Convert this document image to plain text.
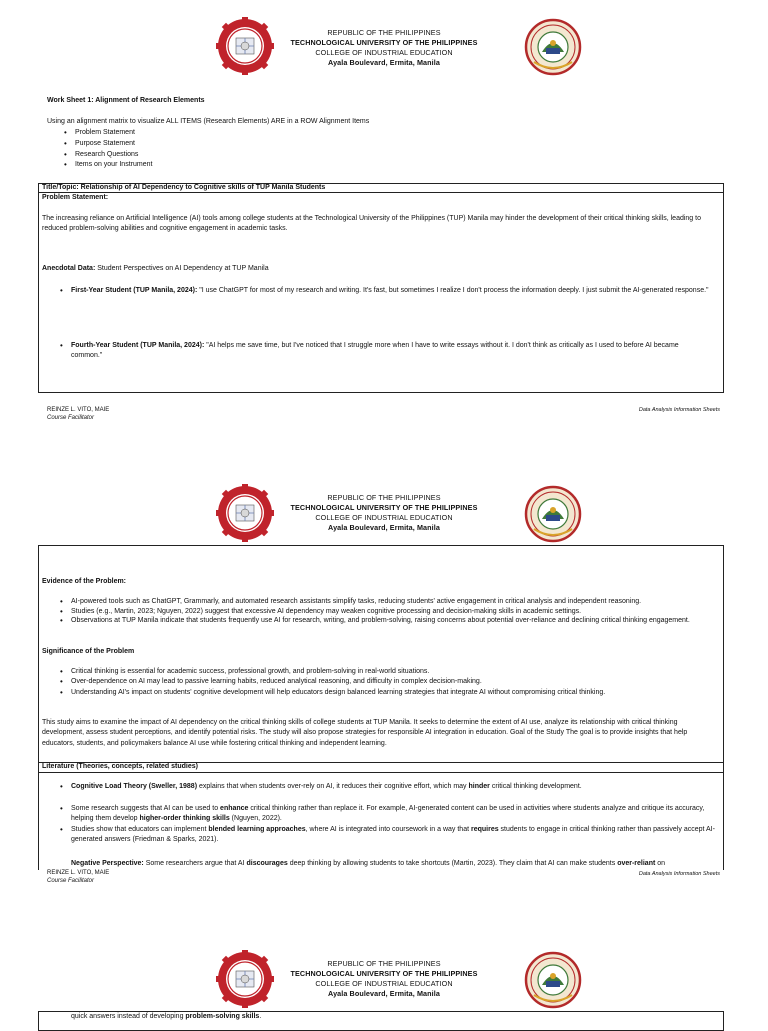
REPUBLIC OF THE PHILIPPINES
TECHNOLOGICAL UNIVERSITY OF THE PHILIPPINES
COLLEGE OF INDUSTRIAL EDUCATION
Ayala Boulevard, Ermita, Manila
Work Sheet 1: Alignment of Research Elements
Using an alignment matrix to visualize ALL ITEMS (Research Elements) ARE in a ROW Alignment Items
• Problem Statement
• Purpose Statement
• Research Questions
• Items on your Instrument
Title/Topic: Relationship of AI Dependency to Cognitive skills of TUP Manila Students
Problem Statement:
The increasing reliance on Artificial Intelligence (AI) tools among college students at the Technological University of the Philippines (TUP) Manila may hinder the development of their critical thinking skills, leading to reduced problem-solving abilities and cognitive engagement in academic tasks.
Anecdotal Data: Student Perspectives on AI Dependency at TUP Manila
• First-Year Student (TUP Manila, 2024): "I use ChatGPT for most of my research and writing. It's fast, but sometimes I realize I don't process the information deeply. I just submit the AI-generated response."
• Fourth-Year Student (TUP Manila, 2024): "AI helps me save time, but I've noticed that I struggle more when I have to write essays without it. I don't think as critically as I used to before AI became common."
REINZE L. VITO, MAIE
Course Facilitator
Data Analysis Information Sheets
REPUBLIC OF THE PHILIPPINES
TECHNOLOGICAL UNIVERSITY OF THE PHILIPPINES
COLLEGE OF INDUSTRIAL EDUCATION
Ayala Boulevard, Ermita, Manila
Evidence of the Problem:
• AI-powered tools such as ChatGPT, Grammarly, and automated research assistants simplify tasks, reducing students' active engagement in critical analysis and independent reasoning.
• Studies (e.g., Martin, 2023; Nguyen, 2022) suggest that excessive AI dependency may weaken cognitive processing and decision-making skills in academic settings.
• Observations at TUP Manila indicate that students frequently use AI for research, writing, and problem-solving, raising concerns about potential over-reliance and declining critical thinking engagement.
Significance of the Problem
• Critical thinking is essential for academic success, professional growth, and problem-solving in real-world situations.
• Over-dependence on AI may lead to passive learning habits, reduced analytical reasoning, and difficulty in complex decision-making.
• Understanding AI's impact on students' cognitive development will help educators design balanced learning strategies that integrate AI without compromising critical thinking.
This study aims to examine the impact of AI dependency on the critical thinking skills of college students at TUP Manila. It seeks to determine the extent of AI use, analyze its relationship with critical thinking development, assess student perceptions, and identify potential risks. The study will also propose strategies for responsible AI integration in education. Goal of the Study The goal is to provide insights that help educators, students, and policymakers balance AI use while fostering critical thinking and independent learning.
Literature (Theories, concepts, related studies)
• Cognitive Load Theory (Sweller, 1988) explains that when students over-rely on AI, it reduces their cognitive effort, which may hinder critical thinking development.
• Some research suggests that AI can be used to enhance critical thinking rather than replace it. For example, AI-generated content can be used in activities where students analyze and critique its accuracy, helping them develop higher-order thinking skills (Nguyen, 2022).
• Studies show that educators can implement blended learning approaches, where AI is integrated into coursework in a way that requires students to engage in critical thinking rather than passively accept AI-generated answers (Friedman & Sparks, 2021).
• Negative Perspective: Some researchers argue that AI discourages deep thinking by allowing students to take shortcuts (Martin, 2023). They claim that AI can make students over-reliant on
REINZE L. VITO, MAIE
Course Facilitator
Data Analysis Information Sheets
REPUBLIC OF THE PHILIPPINES
TECHNOLOGICAL UNIVERSITY OF THE PHILIPPINES
COLLEGE OF INDUSTRIAL EDUCATION
Ayala Boulevard, Ermita, Manila
quick answers instead of developing problem-solving skills.
